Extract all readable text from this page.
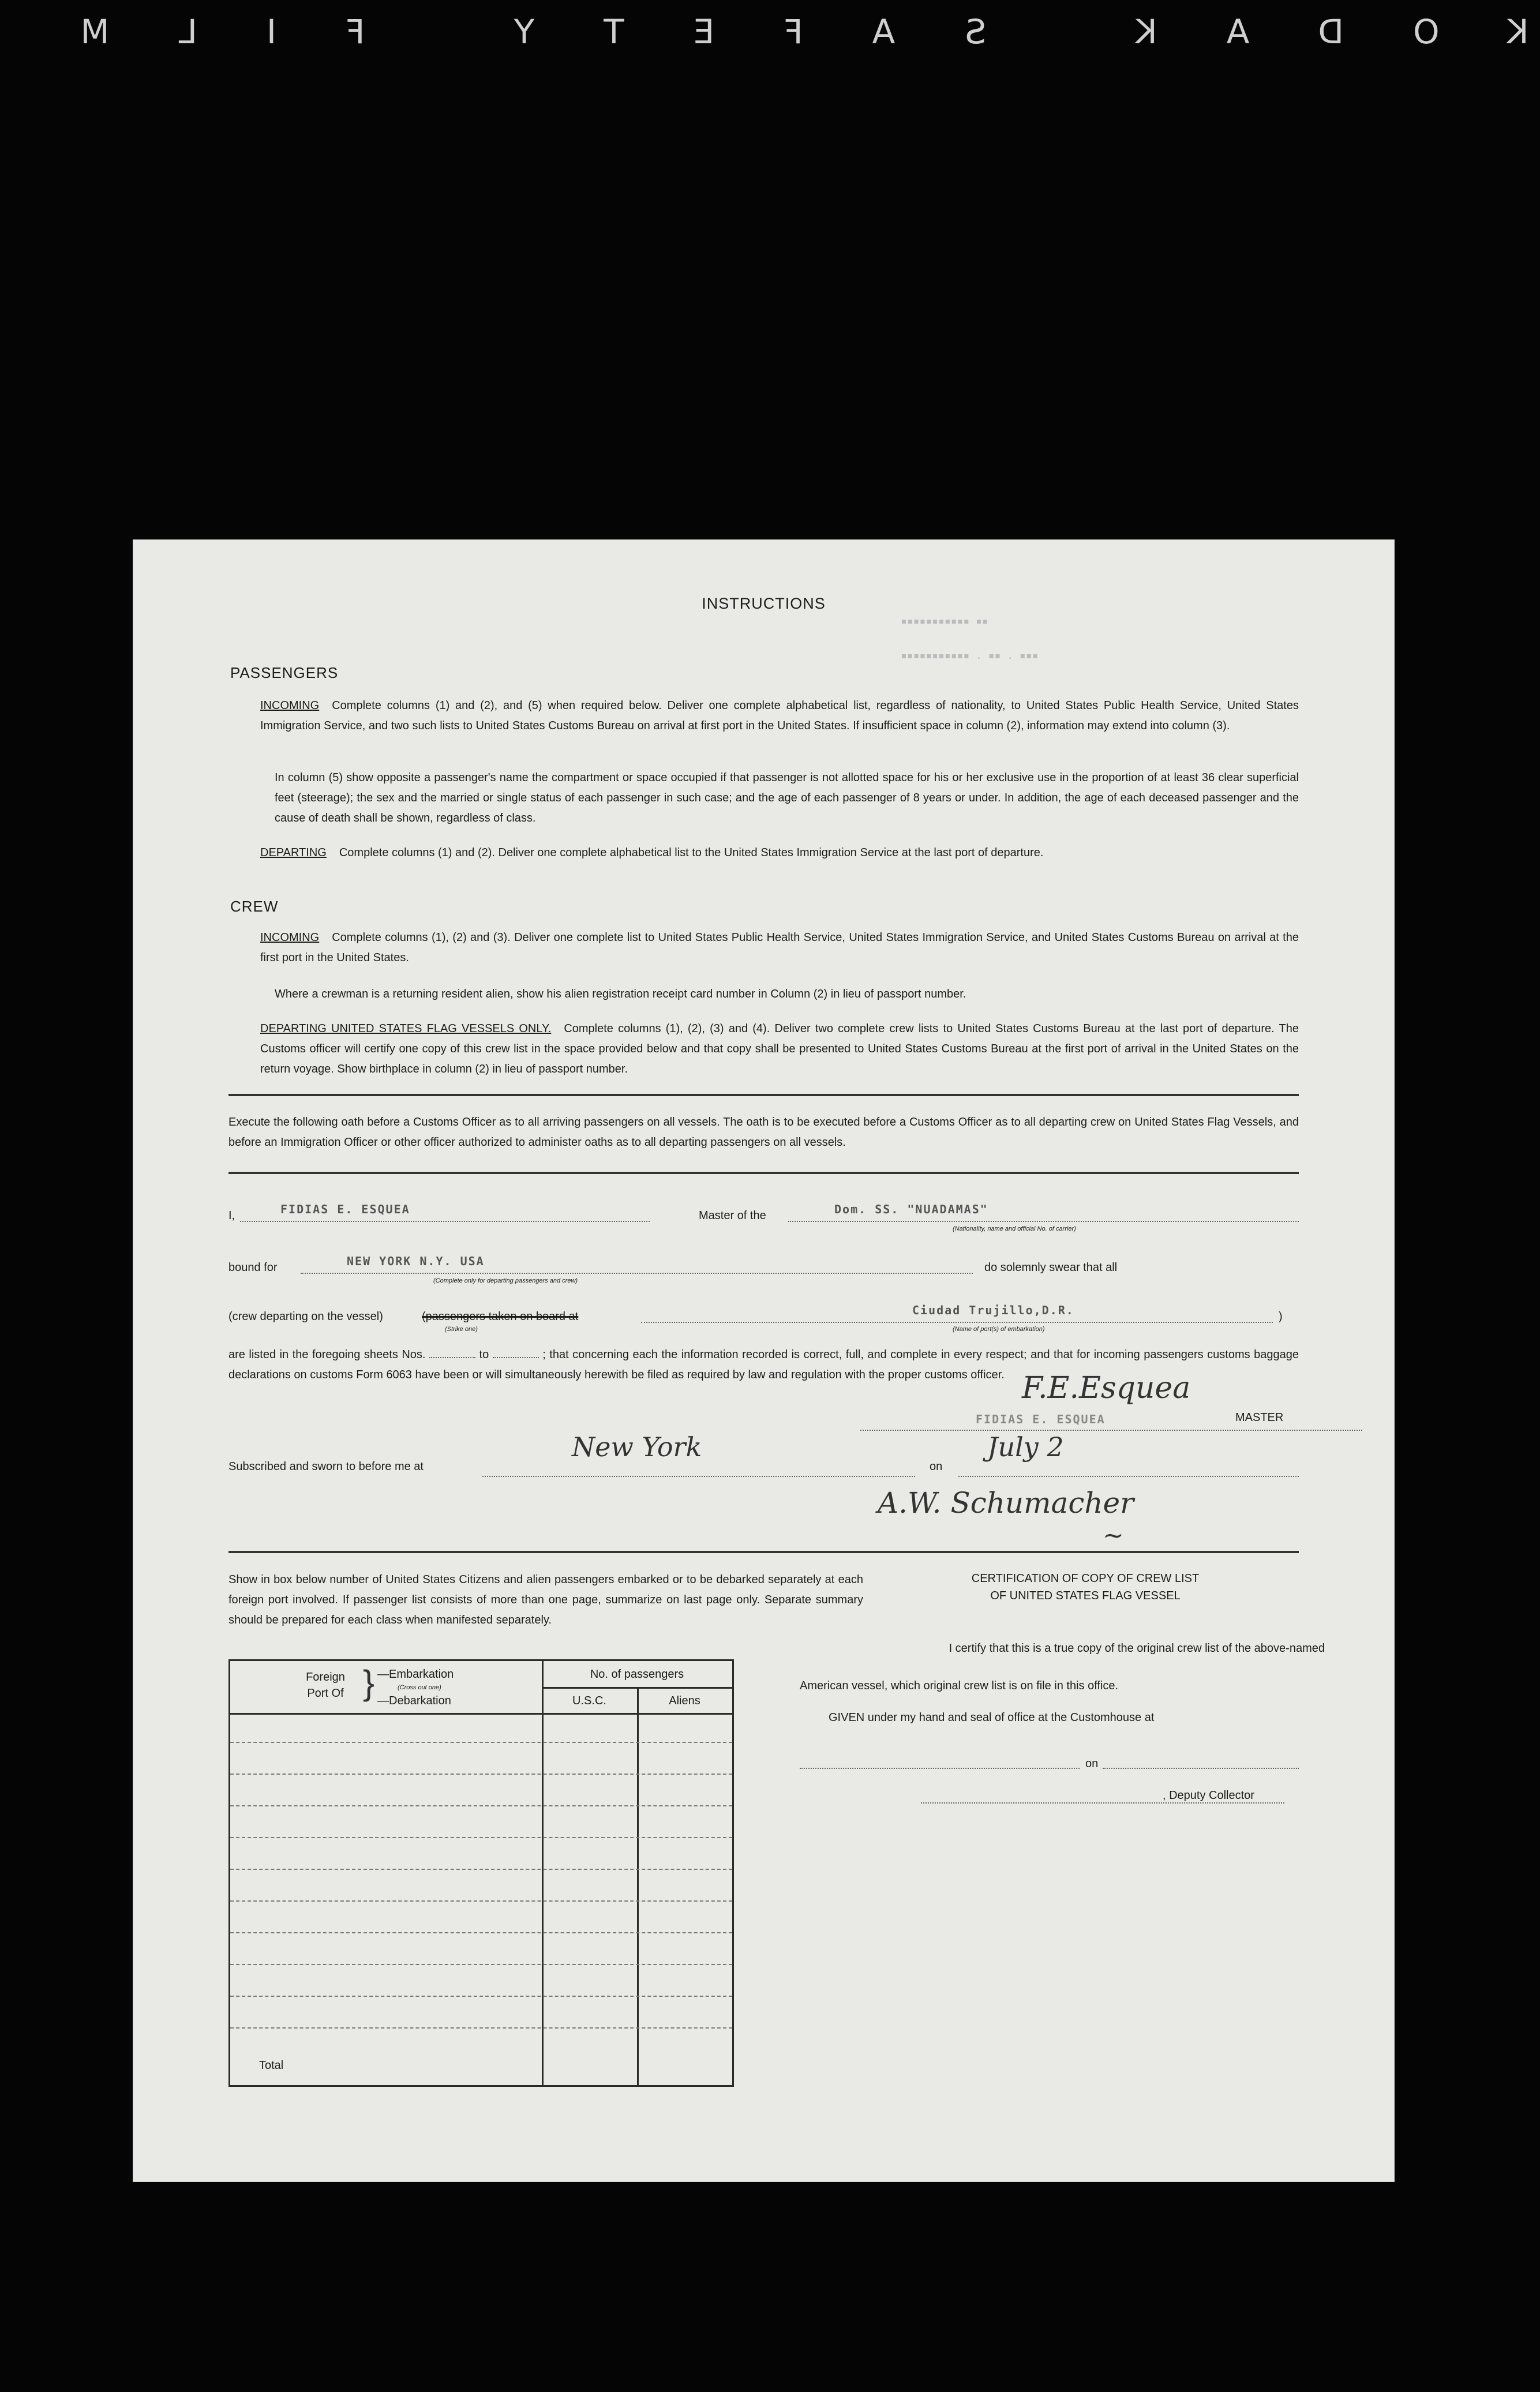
KODAK SAFETY FILM
▪▪▪▪▪▪▪▪▪▪▪ ▪▪
▪▪▪▪▪▪▪▪▪▪▪ . ▪▪ . ▪▪▪
INSTRUCTIONS
PASSENGERS
INCOMING Complete columns (1) and (2), and (5) when required below. Deliver one complete alphabetical list, regardless of nationality, to United States Public Health Service, United States Immigration Service, and two such lists to United States Customs Bureau on arrival at first port in the United States. If insufficient space in column (2), information may extend into column (3).
In column (5) show opposite a passenger's name the compartment or space occupied if that passenger is not allotted space for his or her exclusive use in the proportion of at least 36 clear superficial feet (steerage); the sex and the married or single status of each passenger in such case; and the age of each passenger of 8 years or under. In addition, the age of each deceased passenger and the cause of death shall be shown, regardless of class.
DEPARTING Complete columns (1) and (2). Deliver one complete alphabetical list to the United States Immigration Service at the last port of departure.
CREW
INCOMING Complete columns (1), (2) and (3). Deliver one complete list to United States Public Health Service, United States Immigration Service, and United States Customs Bureau on arrival at the first port in the United States.
Where a crewman is a returning resident alien, show his alien registration receipt card number in Column (2) in lieu of passport number.
DEPARTING UNITED STATES FLAG VESSELS ONLY. Complete columns (1), (2), (3) and (4). Deliver two complete crew lists to United States Customs Bureau at the last port of departure. The Customs officer will certify one copy of this crew list in the space provided below and that copy shall be presented to United States Customs Bureau at the first port of arrival in the United States on the return voyage. Show birthplace in column (2) in lieu of passport number.
Execute the following oath before a Customs Officer as to all arriving passengers on all vessels. The oath is to be executed before a Customs Officer as to all departing crew on United States Flag Vessels, and before an Immigration Officer or other officer authorized to administer oaths as to all departing passengers on all vessels.
I,	FIDIAS E. ESQUEA	Master of the	Dom. SS. "NUADAMAS"
(Nationality, name and official No. of carrier)
bound for	NEW YORK N.Y. USA
(Complete only for departing passengers and crew)
do solemnly swear that all
(crew departing on the vessel)	(passengers taken on board at
(Strike one)
Ciudad Trujillo,D.R.
(Name of port(s) of embarkation)
)
are listed in the foregoing sheets Nos.	to	; that concerning each the information recorded is correct, full, and complete in every respect; and that for incoming passengers customs baggage declarations on customs Form 6063 have been or will simultaneously herewith be filed as required by law and regulation with the proper customs officer. F.E.Esquea
FIDIAS E. ESQUEA	MASTER
Subscribed and sworn to before me at
New York
on
July 2
A.W. Schumacher
~
Show in box below number of United States Citizens and alien passengers embarked or to be debarked separately at each foreign port involved. If passenger list consists of more than one page, summarize on last page only. Separate summary should be prepared for each class when manifested separately.
Foreign Port Of } —Embarkation
(Cross out one)
—Debarkation
No. of passengers
U.S.C.	Aliens
Total
CERTIFICATION OF COPY OF CREW LIST
OF UNITED STATES FLAG VESSEL
I certify that this is a true copy of the original crew list of the above-named
American vessel, which original crew list is on file in this office.
GIVEN under my hand and seal of office at the Customhouse at
on
, Deputy Collector
